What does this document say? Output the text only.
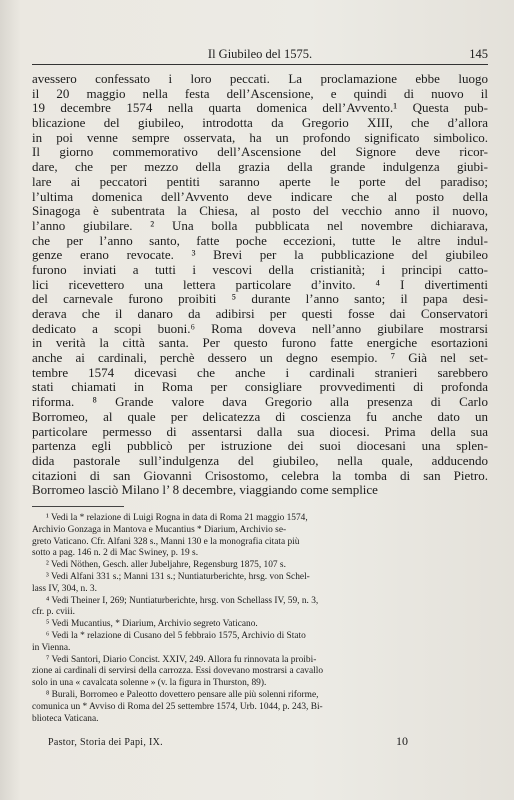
Il Giubileo del 1575.	145
avessero confessato i loro peccati. La proclamazione ebbe luogo
il 20 maggio nella festa dell’Ascensione, e quindi di nuovo il
19 decembre 1574 nella quarta domenica dell’Avvento.¹ Questa pub-
blicazione del giubileo, introdotta da Gregorio XIII, che d’allora
in poi venne sempre osservata, ha un profondo significato simbolico.
Il giorno commemorativo dell’Ascensione del Signore deve ricor-
dare, che per mezzo della grazia della grande indulgenza giubi-
lare ai peccatori pentiti saranno aperte le porte del paradiso;
l’ultima domenica dell’Avvento deve indicare che al posto della
Sinagoga è subentrata la Chiesa, al posto del vecchio anno il nuovo,
l’anno giubilare. ² Una bolla pubblicata nel novembre dichiarava,
che per l’anno santo, fatte poche eccezioni, tutte le altre indul-
genze erano revocate. ³ Brevi per la pubblicazione del giubileo
furono inviati a tutti i vescovi della cristianità; i principi catto-
lici ricevettero una lettera particolare d’invito. ⁴ I divertimenti
del carnevale furono proibiti ⁵ durante l’anno santo; il papa desi-
derava che il danaro da adibirsi per questi fosse dai Conservatori
dedicato a scopi buoni.⁶ Roma doveva nell’anno giubilare mostrarsi
in verità la città santa. Per questo furono fatte energiche esortazioni
anche ai cardinali, perchè dessero un degno esempio. ⁷ Già nel set-
tembre 1574 dicevasi che anche i cardinali stranieri sarebbero
stati chiamati in Roma per consigliare provvedimenti di profonda
riforma. ⁸ Grande valore dava Gregorio alla presenza di Carlo
Borromeo, al quale per delicatezza di coscienza fu anche dato un
particolare permesso di assentarsi dalla sua diocesi. Prima della sua
partenza egli pubblicò per istruzione dei suoi diocesani una splen-
dida pastorale sull’indulgenza del giubileo, nella quale, adducendo
citazioni di san Giovanni Crisostomo, celebra la tomba di san Pietro.
Borromeo lasciò Milano l’ 8 decembre, viaggiando come semplice
¹ Vedi la * relazione di Luigi Rogna in data di Roma 21 maggio 1574,
Archivio Gonzaga in Mantova e Mucantius * Diarium, Archivio se-
greto Vaticano. Cfr. Alfani 328 s., Manni 130 e la monografia citata più
sotto a pag. 146 n. 2 di Mac Swiney, p. 19 s.
² Vedi Nöthen, Gesch. aller Jubeljahre, Regensburg 1875, 107 s.
³ Vedi Alfani 331 s.; Manni 131 s.; Nuntiaturberichte, hrsg. von Schel-
lass IV, 304, n. 3.
⁴ Vedi Theiner I, 269; Nuntiaturberichte, hrsg. von Schellass IV, 59, n. 3,
cfr. p. cviii.
⁵ Vedi Mucantius, * Diarium, Archivio segreto Vaticano.
⁶ Vedi la * relazione di Cusano del 5 febbraio 1575, Archivio di Stato
in Vienna.
⁷ Vedi Santori, Diario Concist. XXIV, 249. Allora fu rinnovata la proibi-
zione ai cardinali di servirsi della carrozza. Essi dovevano mostrarsi a cavallo
solo in una « cavalcata solenne » (v. la figura in Thurston, 89).
⁸ Burali, Borromeo e Paleotto dovettero pensare alle più solenni riforme,
comunica un * Avviso di Roma del 25 settembre 1574, Urb. 1044, p. 243, Bi-
blioteca Vaticana.
Pastor, Storia dei Papi, IX.	10
